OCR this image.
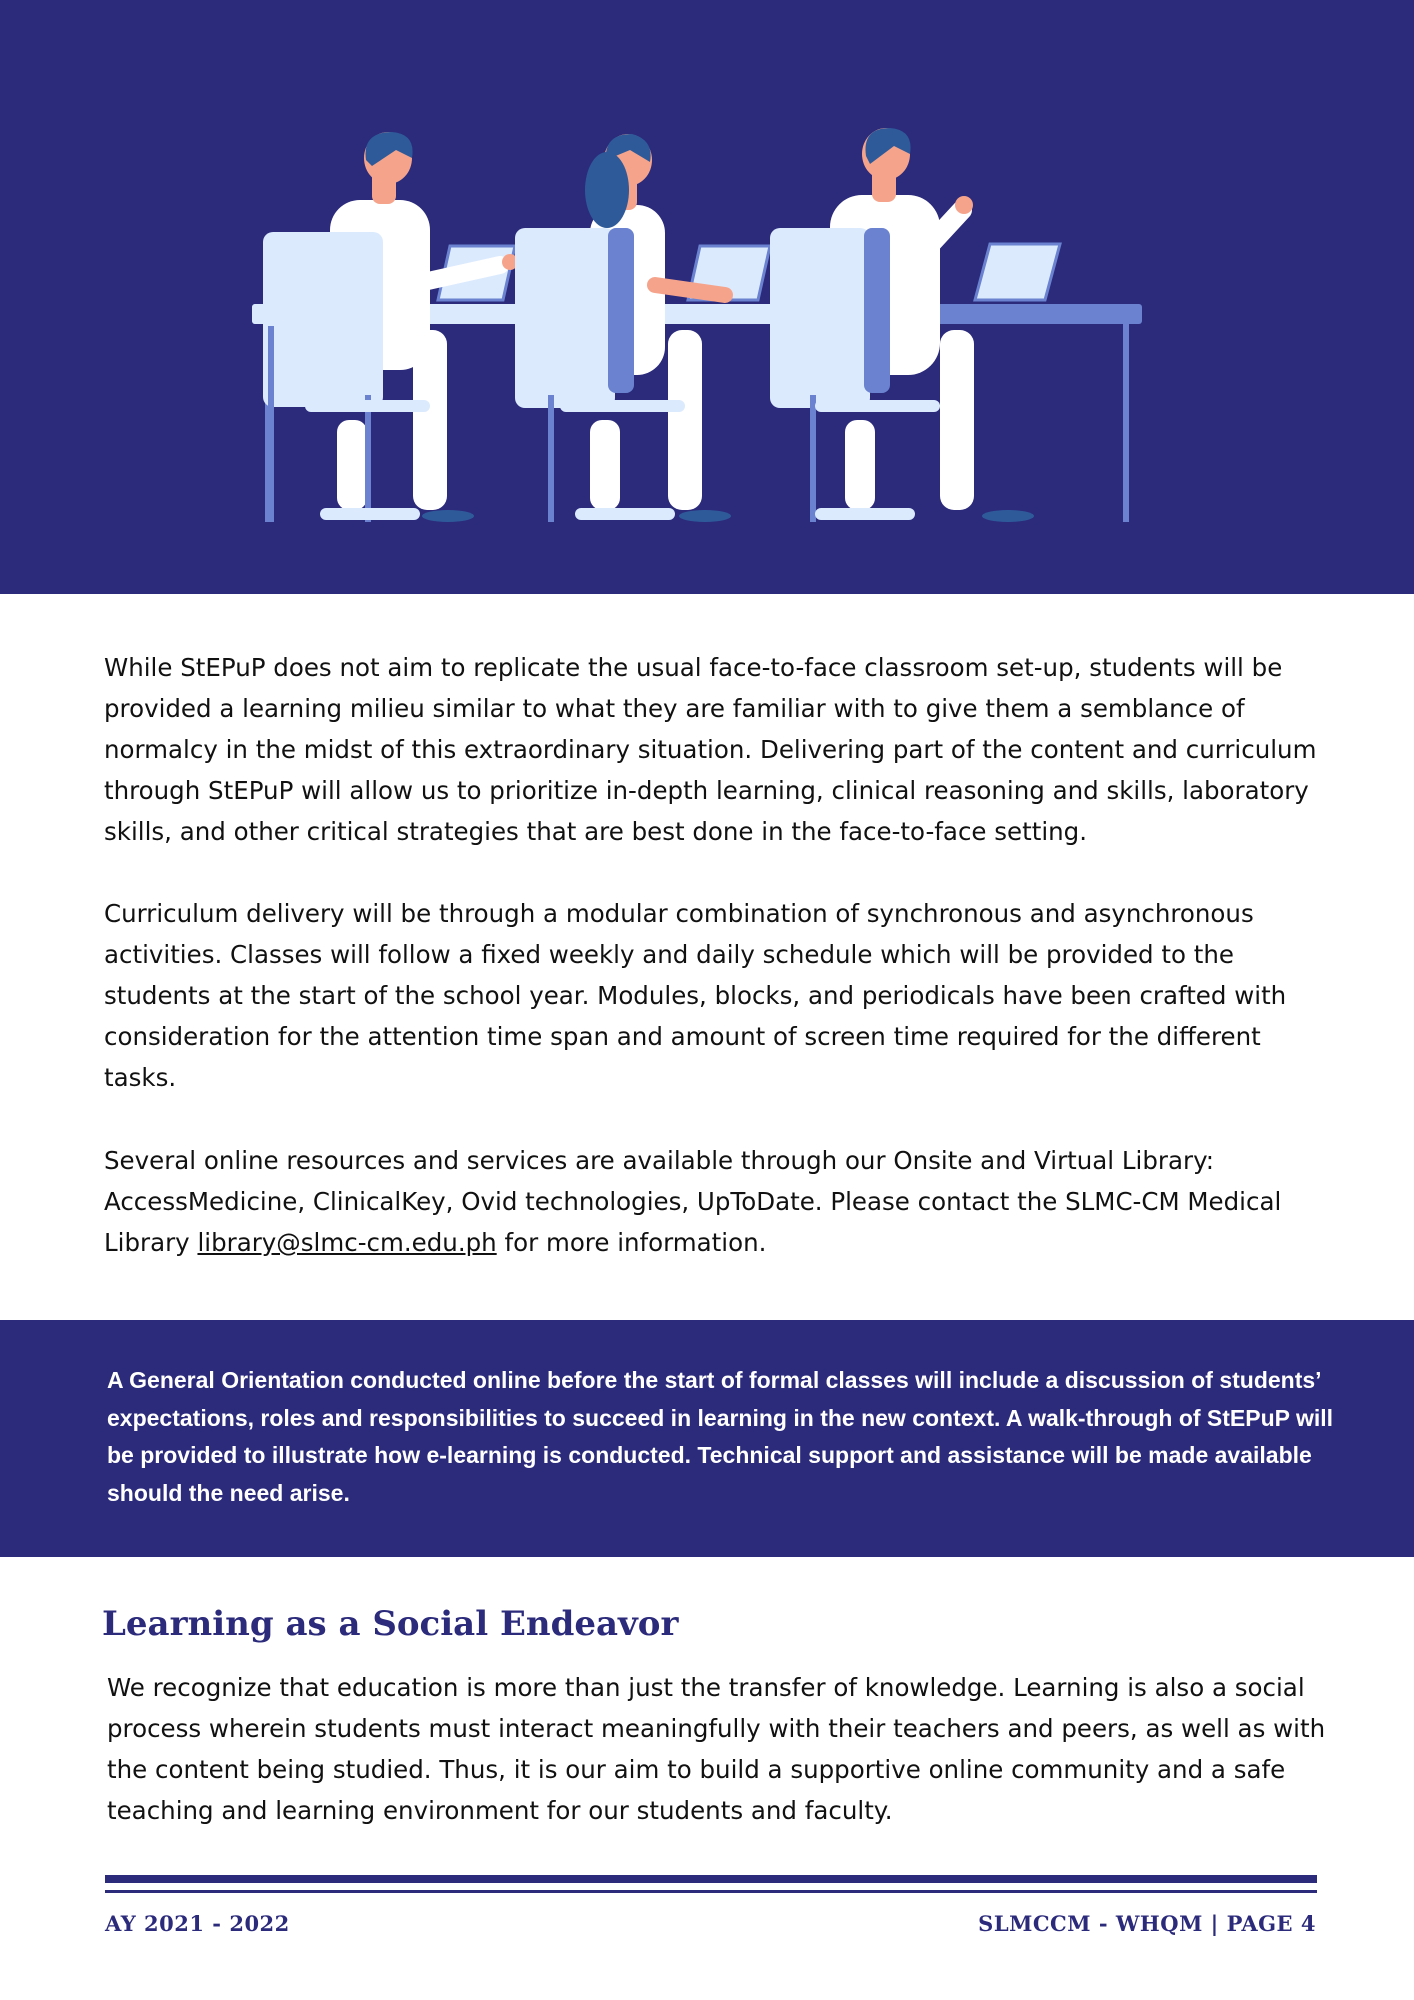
While StEPuP does not aim to replicate the usual face-to-face classroom set-up, students will be provided a learning milieu similar to what they are familiar with to give them a semblance of normalcy in the midst of this extraordinary situation. Delivering part of the content and curriculum through StEPuP will allow us to prioritize in-depth learning, clinical reasoning and skills, laboratory skills, and other critical strategies that are best done in the face-to-face setting.

Curriculum delivery will be through a modular combination of synchronous and asynchronous activities. Classes will follow a fixed weekly and daily schedule which will be provided to the students at the start of the school year. Modules, blocks, and periodicals have been crafted with consideration for the attention time span and amount of screen time required for the different tasks.

Several online resources and services are available through our Onsite and Virtual Library: AccessMedicine, ClinicalKey, Ovid technologies, UpToDate. Please contact the SLMC-CM Medical Library library@slmc-cm.edu.ph for more information.

A General Orientation conducted online before the start of formal classes will include a discussion of students’ expectations, roles and responsibilities to succeed in learning in the new context. A walk-through of StEPuP will be provided to illustrate how e-learning is conducted. Technical support and assistance will be made available should the need arise.

Learning as a Social Endeavor

We recognize that education is more than just the transfer of knowledge. Learning is also a social process wherein students must interact meaningfully with their teachers and peers, as well as with the content being studied. Thus, it is our aim to build a supportive online community and a safe teaching and learning environment for our students and faculty.

AY 2021 - 2022	SLMCCM - WHQM | PAGE 4
